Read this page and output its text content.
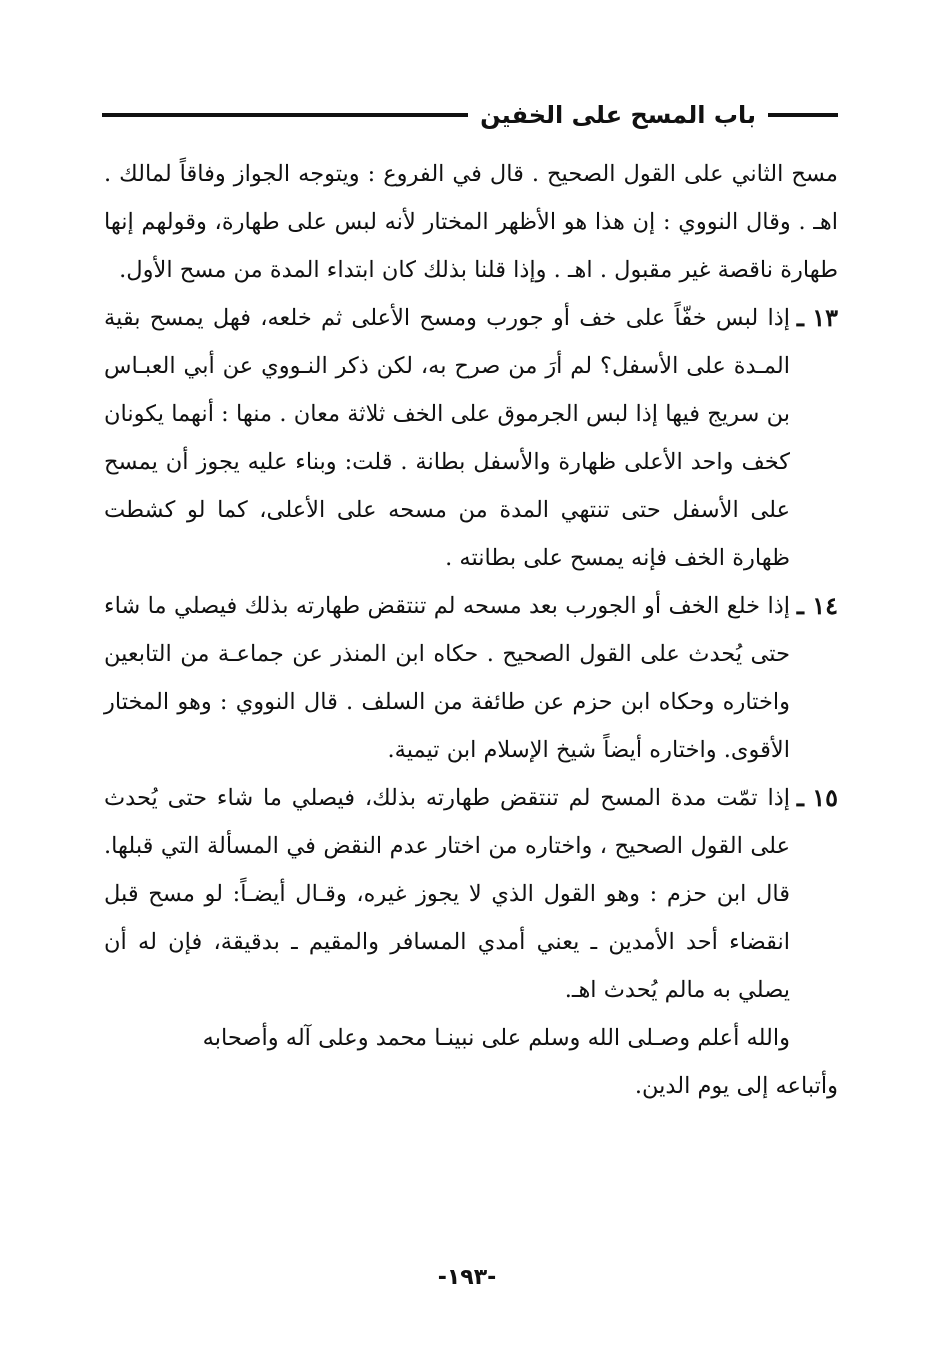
باب المسح على الخفين

مسح الثاني على القول الصحيح . قال في الفروع : ويتوجه الجواز وفاقاً لمالك . اهـ . وقال النووي : إن هذا هو الأظهر المختار لأنه لبس على طهارة، وقولهم إنها طهارة ناقصة غير مقبول . اهـ . وإذا قلنا بذلك كان ابتداء المدة من مسح الأول.

١٣ ـ
إذا لبس خفّاً على خف أو جورب ومسح الأعلى ثم خلعه، فهل يمسح بقية المـدة على الأسفل؟ لم أرَ من صرح به، لكن ذكر النـووي عن أبي العبـاس بن سريج فيها إذا لبس الجرموق على الخف ثلاثة معان . منها : أنهما يكونان كخف واحد الأعلى ظهارة والأسفل بطانة . قلت: وبناء عليه يجوز أن يمسح على الأسفل حتى تنتهي المدة من مسحه على الأعلى، كما لو كشطت ظهارة الخف فإنه يمسح على بطانته .
١٤ ـ
إذا خلع الخف أو الجورب بعد مسحه لم تنتقض طهارته بذلك فيصلي ما شاء حتى يُحدث على القول الصحيح . حكاه ابن المنذر عن جماعـة من التابعين واختاره وحكاه ابن حزم عن طائفة من السلف . قال النووي : وهو المختار الأقوى. واختاره أيضاً شيخ الإسلام ابن تيمية.
١٥ ـ
إذا تمّت مدة المسح لم تنتقض طهارته بذلك، فيصلي ما شاء حتى يُحدث على القول الصحيح ، واختاره من اختار عدم النقض في المسألة التي قبلها. قال ابن حزم : وهو القول الذي لا يجوز غيره، وقـال أيضـاً: لو مسح قبل انقضاء أحد الأمدين ـ يعني أمدي المسافر والمقيم ـ بدقيقة، فإن له أن يصلي به مالم يُحدث اهـ.
والله أعلم وصـلى الله وسلم على نبينـا محمد وعلى آله وأصحابه
وأتباعه إلى يوم الدين.
-١٩٣-
